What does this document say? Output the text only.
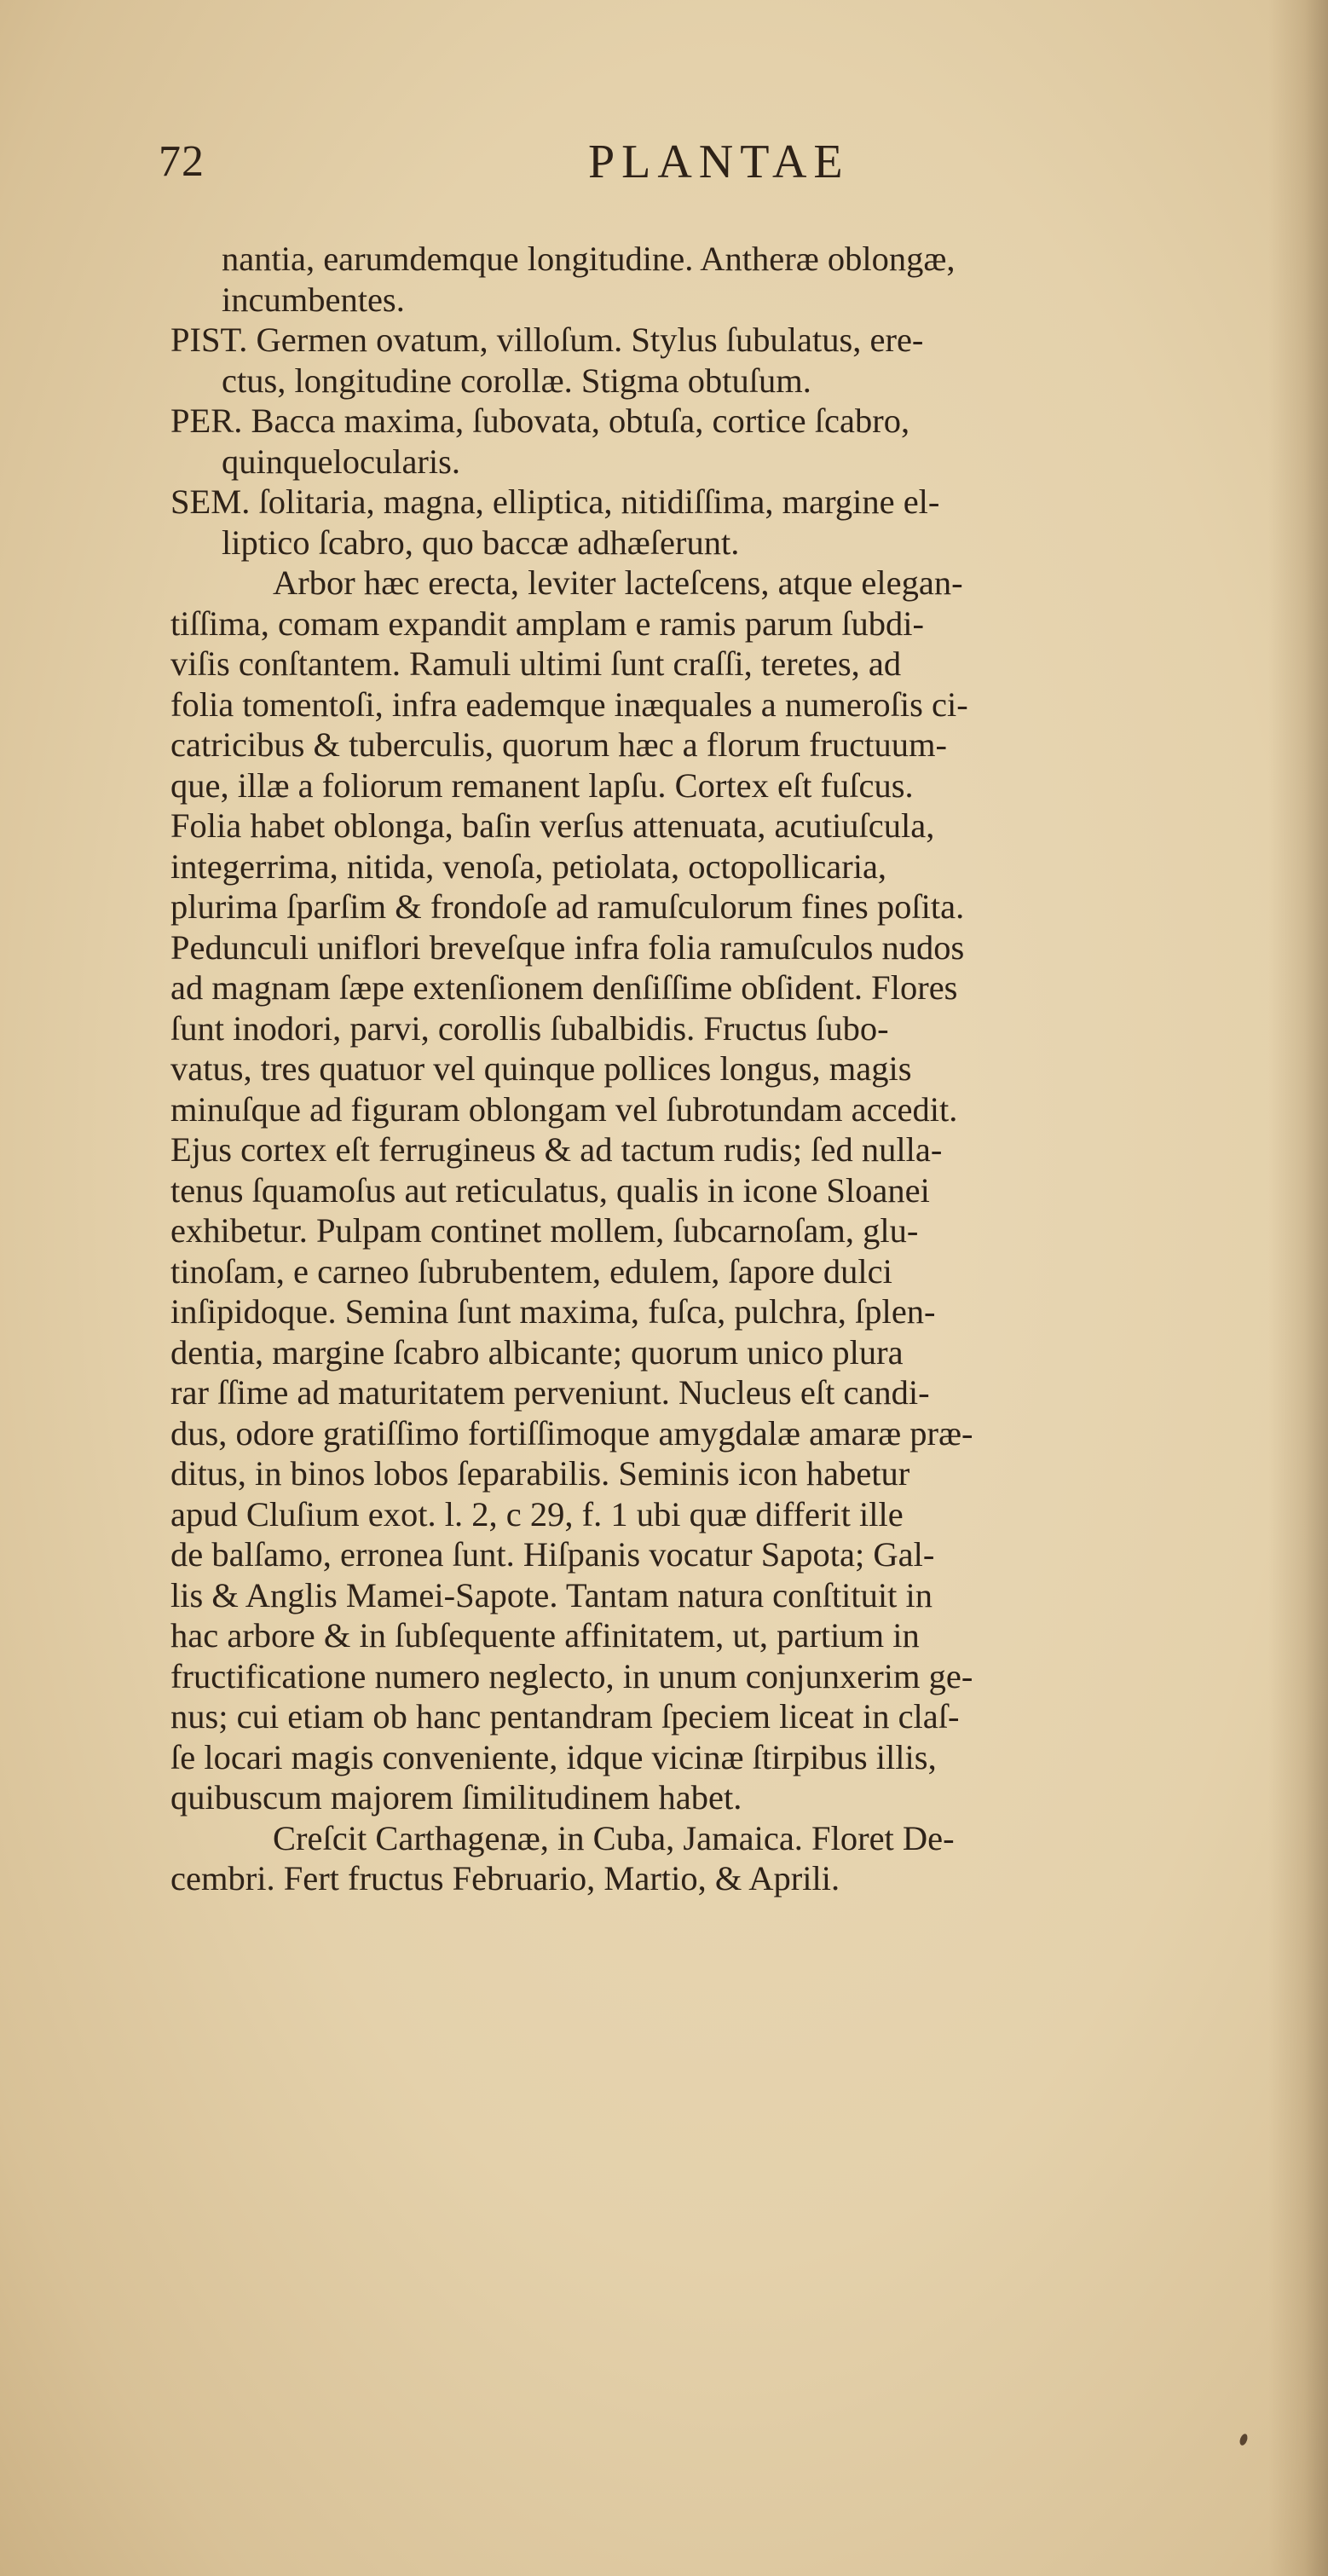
72	PLANTAE
nantia, earumdemque longitudine. Antheræ oblongæ,
incumbentes.
PIST. Germen ovatum, villoſum. Stylus ſubulatus, ere-
ctus, longitudine corollæ. Stigma obtuſum.
PER. Bacca maxima, ſubovata, obtuſa, cortice ſcabro,
quinquelocularis.
SEM. ſolitaria, magna, elliptica, nitidiſſima, margine el-
liptico ſcabro, quo baccæ adhæſerunt.
Arbor hæc erecta, leviter lacteſcens, atque elegan-
tiſſima, comam expandit amplam e ramis parum ſubdi-
viſis conſtantem. Ramuli ultimi ſunt craſſi, teretes, ad
folia tomentoſi, infra eademque inæquales a numeroſis ci-
catricibus & tuberculis, quorum hæc a florum fructuum-
que, illæ a foliorum remanent lapſu. Cortex eſt fuſcus.
Folia habet oblonga, baſin verſus attenuata, acutiuſcula,
integerrima, nitida, venoſa, petiolata, octopollicaria,
plurima ſparſim & frondoſe ad ramuſculorum fines poſita.
Pedunculi uniflori breveſque infra folia ramuſculos nudos
ad magnam ſæpe extenſionem denſiſſime obſident. Flores
ſunt inodori, parvi, corollis ſubalbidis. Fructus ſubo-
vatus, tres quatuor vel quinque pollices longus, magis
minuſque ad figuram oblongam vel ſubrotundam accedit.
Ejus cortex eſt ferrugineus & ad tactum rudis; ſed nulla-
tenus ſquamoſus aut reticulatus, qualis in icone Sloanei
exhibetur. Pulpam continet mollem, ſubcarnoſam, glu-
tinoſam, e carneo ſubrubentem, edulem, ſapore dulci
inſipidoque. Semina ſunt maxima, fuſca, pulchra, ſplen-
dentia, margine ſcabro albicante; quorum unico plura
rar ſſime ad maturitatem perveniunt. Nucleus eſt candi-
dus, odore gratiſſimo fortiſſimoque amygdalæ amaræ præ-
ditus, in binos lobos ſeparabilis. Seminis icon habetur
apud Cluſium exot. l. 2, c 29, f. 1 ubi quæ differit ille
de balſamo, erronea ſunt. Hiſpanis vocatur Sapota; Gal-
lis & Anglis Mamei-Sapote. Tantam natura conſtituit in
hac arbore & in ſubſequente affinitatem, ut, partium in
fructificatione numero neglecto, in unum conjunxerim ge-
nus; cui etiam ob hanc pentandram ſpeciem liceat in claſ-
ſe locari magis conveniente, idque vicinæ ſtirpibus illis,
quibuscum majorem ſimilitudinem habet.
Creſcit Carthagenæ, in Cuba, Jamaica. Floret De-
cembri. Fert fructus Februario, Martio, & Aprili.
